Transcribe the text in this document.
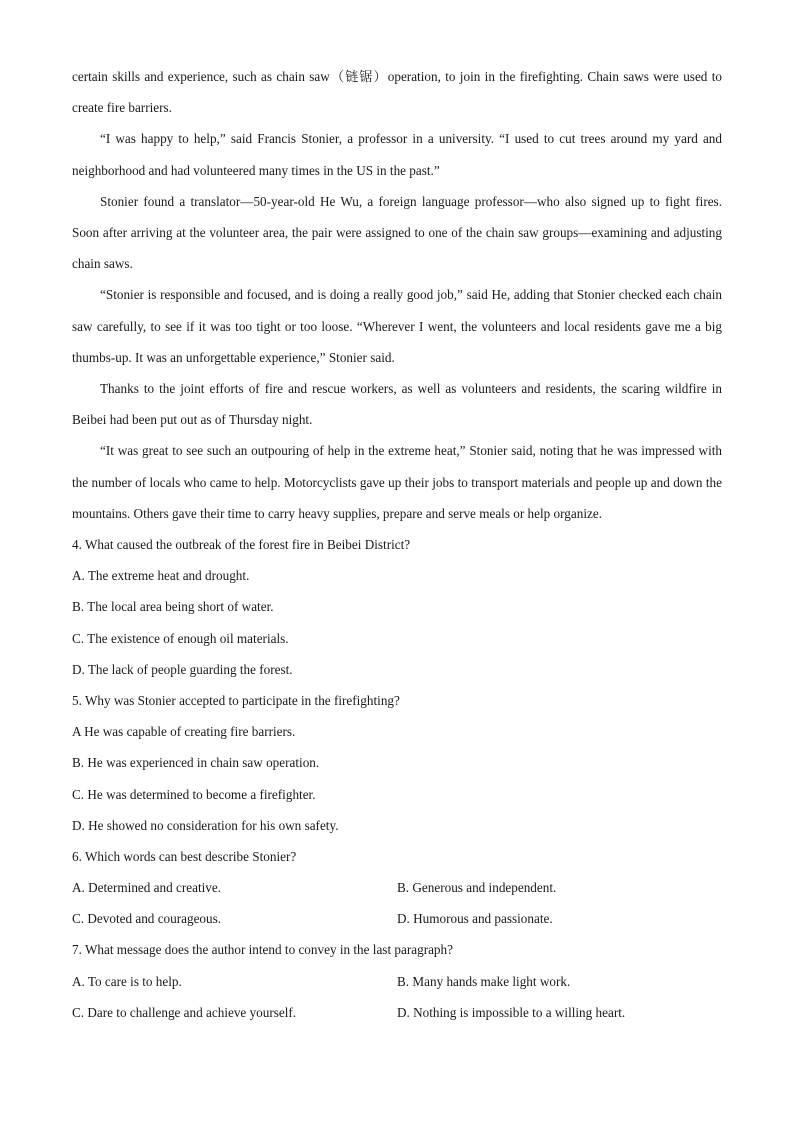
certain skills and experience, such as chain saw（链锯）operation, to join in the firefighting. Chain saws were used to create fire barriers.

“I was happy to help,” said Francis Stonier, a professor in a university. “I used to cut trees around my yard and neighborhood and had volunteered many times in the US in the past.”

Stonier found a translator—50-year-old He Wu, a foreign language professor—who also signed up to fight fires. Soon after arriving at the volunteer area, the pair were assigned to one of the chain saw groups—examining and adjusting chain saws.

“Stonier is responsible and focused, and is doing a really good job,” said He, adding that Stonier checked each chain saw carefully, to see if it was too tight or too loose. “Wherever I went, the volunteers and local residents gave me a big thumbs-up. It was an unforgettable experience,” Stonier said.

Thanks to the joint efforts of fire and rescue workers, as well as volunteers and residents, the scaring wildfire in Beibei had been put out as of Thursday night.

“It was great to see such an outpouring of help in the extreme heat,” Stonier said, noting that he was impressed with the number of locals who came to help. Motorcyclists gave up their jobs to transport materials and people up and down the mountains. Others gave their time to carry heavy supplies, prepare and serve meals or help organize.

4. What caused the outbreak of the forest fire in Beibei District?
A. The extreme heat and drought.
B. The local area being short of water.
C. The existence of enough oil materials.
D. The lack of people guarding the forest.
5. Why was Stonier accepted to participate in the firefighting?
A He was capable of creating fire barriers.
B. He was experienced in chain saw operation.
C. He was determined to become a firefighter.
D. He showed no consideration for his own safety.
6. Which words can best describe Stonier?
A. Determined and creative.	B. Generous and independent.
C. Devoted and courageous.	D. Humorous and passionate.
7. What message does the author intend to convey in the last paragraph?
A. To care is to help.	B. Many hands make light work.
C. Dare to challenge and achieve yourself.	D. Nothing is impossible to a willing heart.
